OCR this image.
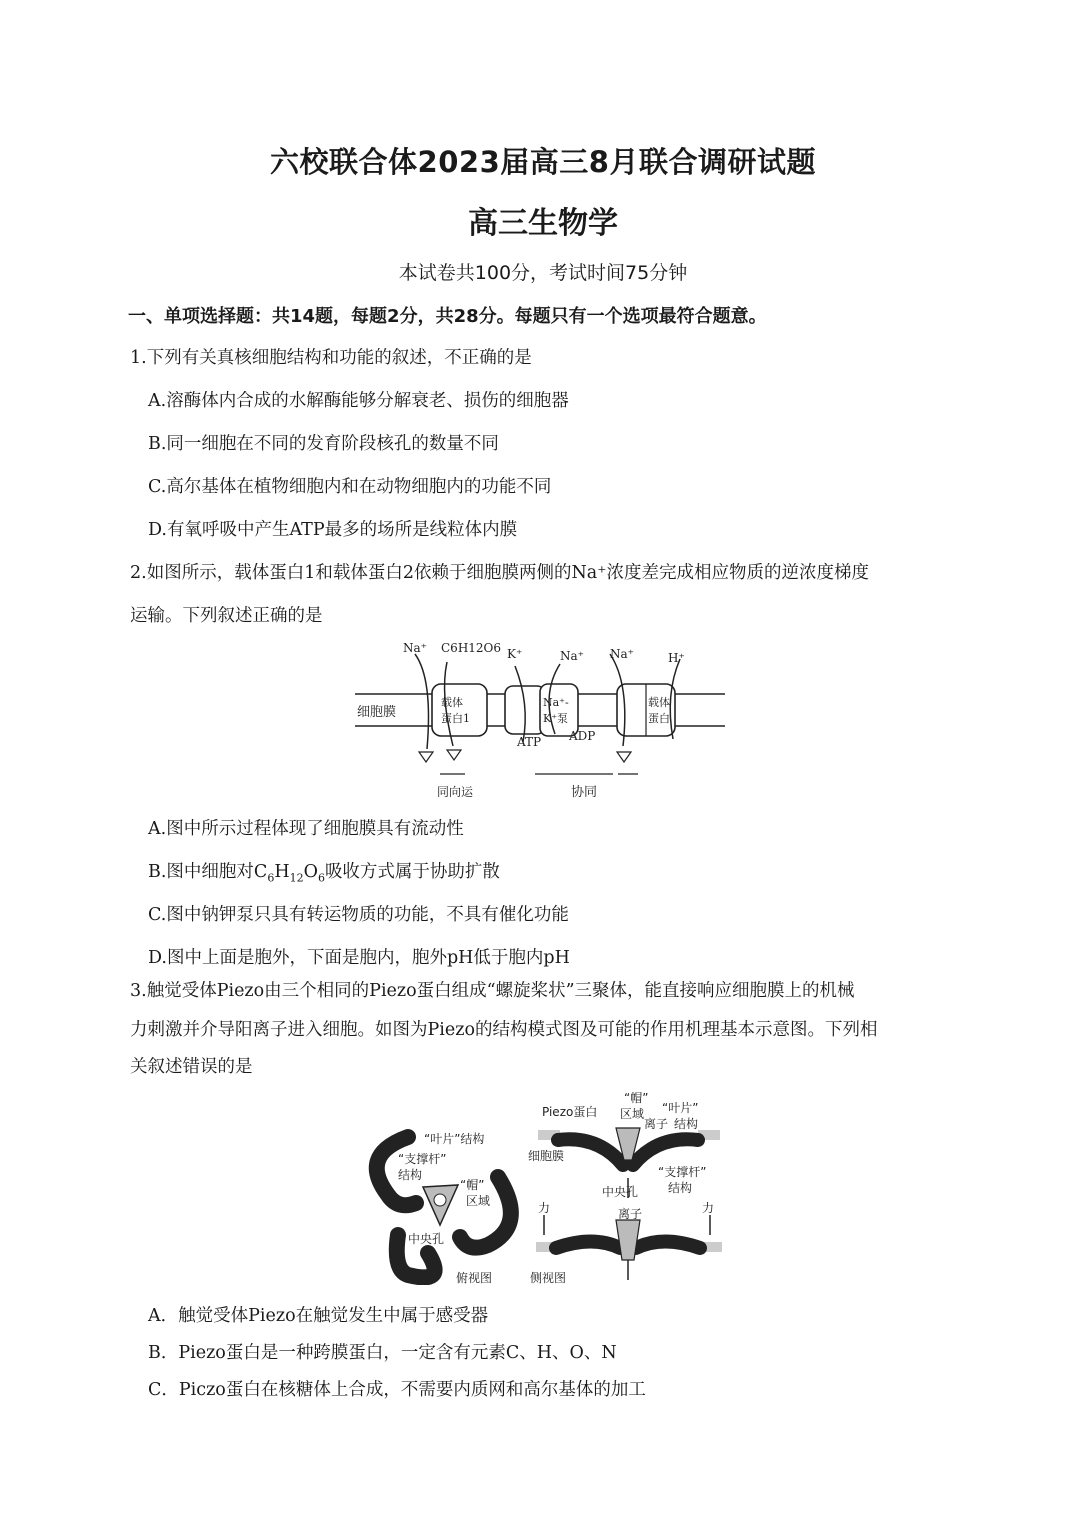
六校联合体2023届高三8月联合调研试题
高三生物学
本试卷共100分，考试时间75分钟
一、单项选择题：共14题，每题2分，共28分。每题只有一个选项最符合题意。
1.下列有关真核细胞结构和功能的叙述，不正确的是
A.溶酶体内合成的水解酶能够分解衰老、损伤的细胞器
B.同一细胞在不同的发育阶段核孔的数量不同
C.高尔基体在植物细胞内和在动物细胞内的功能不同
D.有氧呼吸中产生ATP最多的场所是线粒体内膜
2.如图所示，载体蛋白1和载体蛋白2依赖于细胞膜两侧的Na⁺浓度差完成相应物质的逆浓度梯度
运输。下列叙述正确的是
Na⁺ C6H12O6 K⁺	Na⁺ Na⁺	H⁺
细胞膜
载体
蛋白1
Na⁺-
K⁺泵
载体
蛋白
ATP ADP
同向运	协同
A.图中所示过程体现了细胞膜具有流动性
B.图中细胞对$C_6H_{12}O_6$吸收方式属于协助扩散
C.图中钠钾泵只具有转运物质的功能，不具有催化功能
D.图中上面是胞外，下面是胞内，胞外pH低于胞内pH
3.触觉受体Piezo由三个相同的Piezo蛋白组成“螺旋桨状”三聚体，能直接响应细胞膜上的机械
力刺激并介导阳离子进入细胞。如图为Piezo的结构模式图及可能的作用机理基本示意图。下列相
关叙述错误的是
“叶片”结构
“支撑杆”
结构
“帽”
区域
中央孔
俯视图
Piezo蛋白
“帽”
区域 “叶片”
结构
离子
细胞膜
“支撑杆”
结构
中央孔
力	力
离子
侧视图
A．触觉受体Piezo在触觉发生中属于感受器
B．Piezo蛋白是一种跨膜蛋白，一定含有元素C、H、O、N
C．Piczo蛋白在核糖体上合成，不需要内质网和高尔基体的加工
